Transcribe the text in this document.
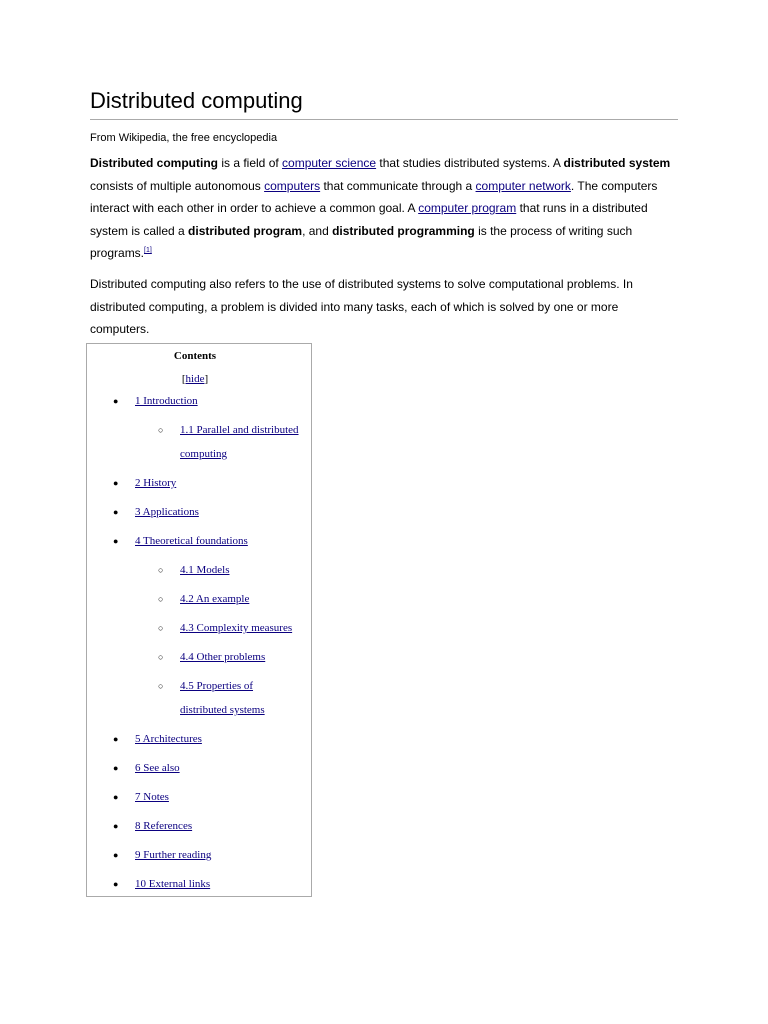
Distributed computing
From Wikipedia, the free encyclopedia

Distributed computing is a field of computer science that studies distributed systems. A distributed system consists of multiple autonomous computers that communicate through a computer network. The computers interact with each other in order to achieve a common goal. A computer program that runs in a distributed system is called a distributed program, and distributed programming is the process of writing such programs.[1]

Distributed computing also refers to the use of distributed systems to solve computational problems. In distributed computing, a problem is divided into many tasks, each of which is solved by one or more computers.

Contents
[hide]
● 1 Introduction
○ 1.1 Parallel and distributed
computing
● 2 History
● 3 Applications
● 4 Theoretical foundations
○ 4.1 Models
○ 4.2 An example
○ 4.3 Complexity measures
○ 4.4 Other problems
○ 4.5 Properties of
distributed systems
● 5 Architectures
● 6 See also
● 7 Notes
● 8 References
● 9 Further reading
● 10 External links
